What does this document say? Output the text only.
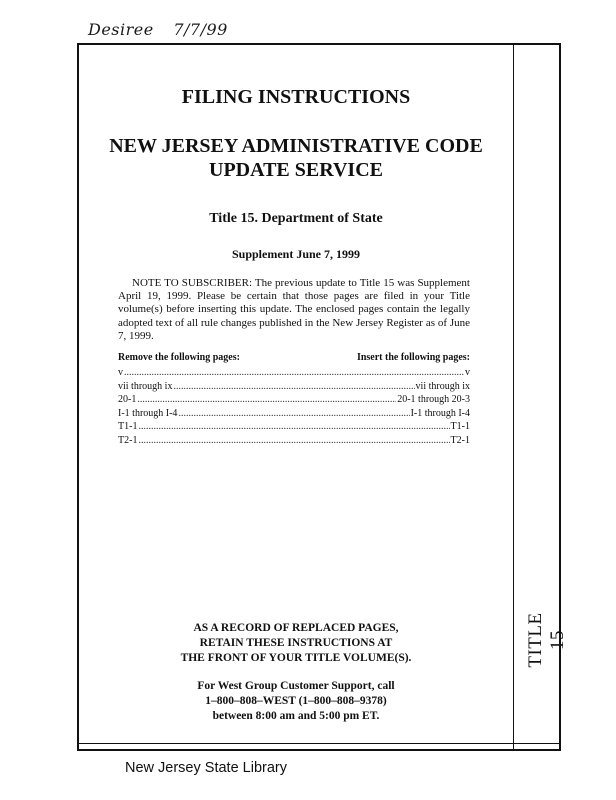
Desiree 7/7/99
TITLE 15
FILING INSTRUCTIONS
NEW JERSEY ADMINISTRATIVE CODE
UPDATE SERVICE
Title 15. Department of State
Supplement June 7, 1999
NOTE TO SUBSCRIBER: The previous update to Title 15 was Supplement April 19, 1999. Please be certain that those pages are filed in your Title volume(s) before inserting this update. The enclosed pages contain the legally adopted text of all rule changes published in the New Jersey Register as of June 7, 1999.
Remove the following pages:	Insert the following pages:
v .....	v
vii through ix .....	vii through ix
20-1 .....	20-1 through 20-3
I-1 through I-4 .....	I-1 through I-4
T1-1 .....	T1-1
T2-1 .....	T2-1
AS A RECORD OF REPLACED PAGES,
RETAIN THESE INSTRUCTIONS AT
THE FRONT OF YOUR TITLE VOLUME(S).
For West Group Customer Support, call
1–800–808–WEST (1–800–808–9378)
between 8:00 am and 5:00 pm ET.
New Jersey State Library
